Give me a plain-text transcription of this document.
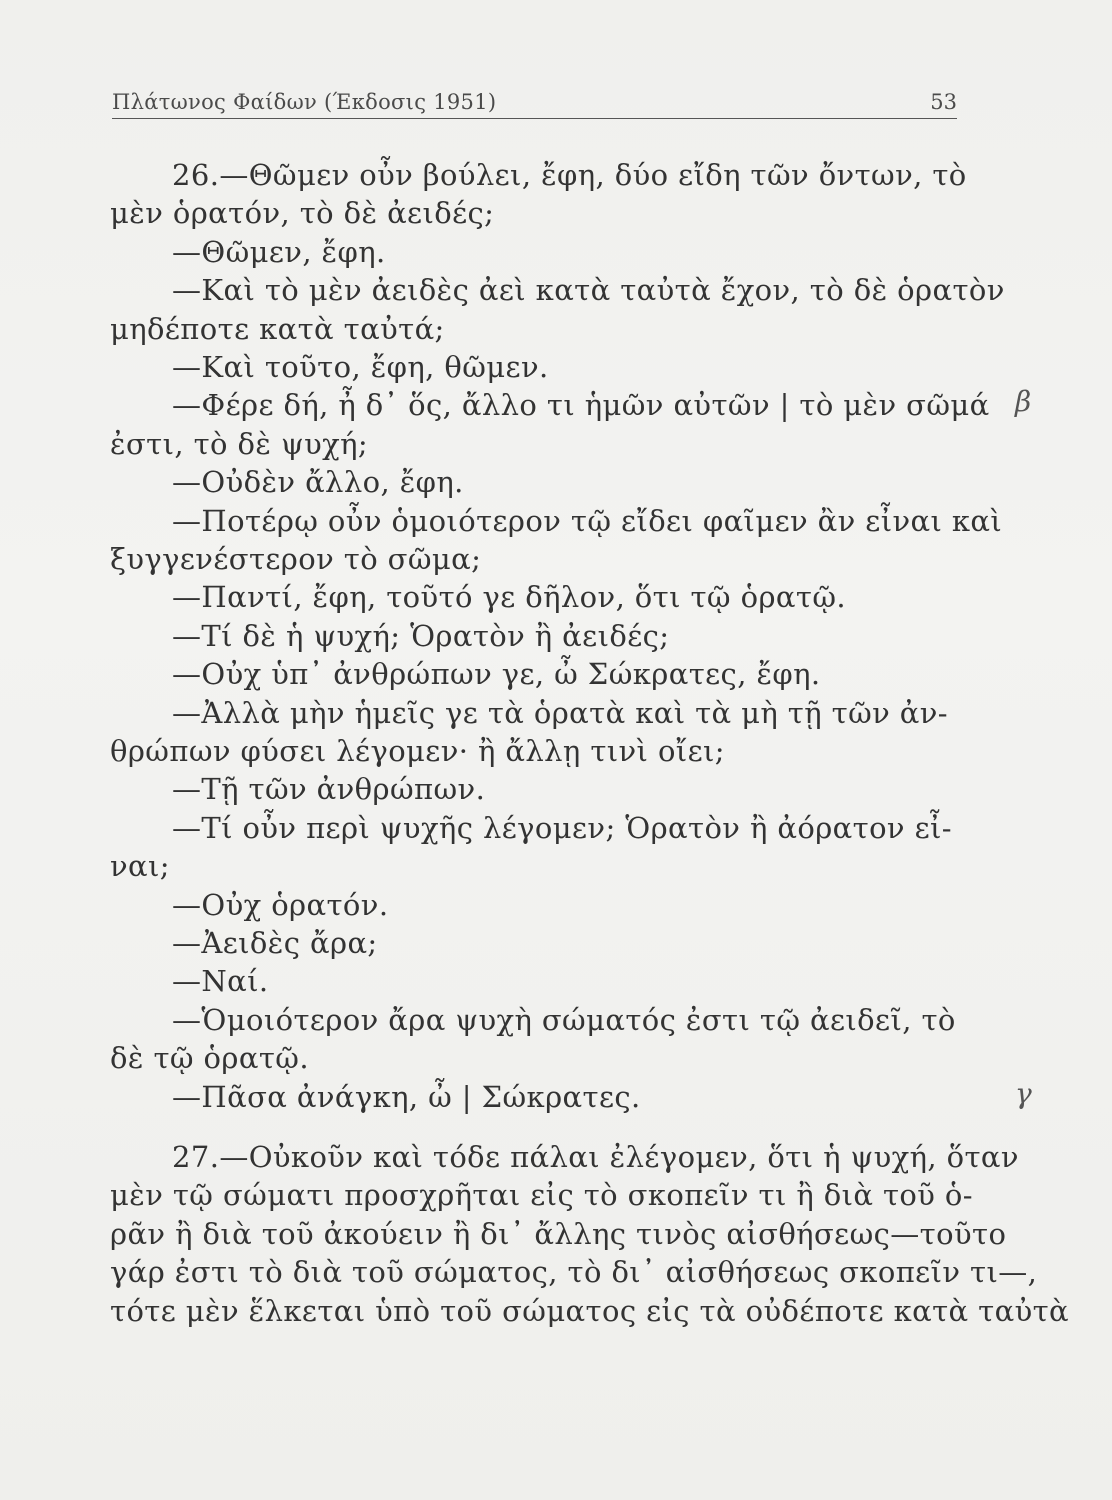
Πλάτωνος Φαίδων (Έκδοσις 1951)	53
26.—Θῶμεν οὖν βούλει, ἔφη, δύο εἴδη τῶν ὄντων, τὸ
μὲν ὁρατόν, τὸ δὲ ἀειδές;
—Θῶμεν, ἔφη.
—Καὶ τὸ μὲν ἀειδὲς ἀεὶ κατὰ ταὐτὰ ἔχον, τὸ δὲ ὁρατὸν
μηδέποτε κατὰ ταὐτά;
—Καὶ τοῦτο, ἔφη, θῶμεν.
—Φέρε δή, ἦ δ᾽ ὅς, ἄλλο τι ἡμῶν αὐτῶν | τὸ μὲν σῶμά
ἐστι, τὸ δὲ ψυχή;
—Οὐδὲν ἄλλο, ἔφη.
—Ποτέρῳ οὖν ὁμοιότερον τῷ εἴδει φαῖμεν ἂν εἶναι καὶ
ξυγγενέστερον τὸ σῶμα;
—Παντί, ἔφη, τοῦτό γε δῆλον, ὅτι τῷ ὁρατῷ.
—Τί δὲ ἡ ψυχή; Ὁρατὸν ἢ ἀειδές;
—Οὐχ ὑπ᾽ ἀνθρώπων γε, ὦ Σώκρατες, ἔφη.
—Ἀλλὰ μὴν ἡμεῖς γε τὰ ὁρατὰ καὶ τὰ μὴ τῇ τῶν ἀν-
θρώπων φύσει λέγομεν· ἢ ἄλλῃ τινὶ οἴει;
—Τῇ τῶν ἀνθρώπων.
—Τί οὖν περὶ ψυχῆς λέγομεν; Ὁρατὸν ἢ ἀόρατον εἶ-
ναι;
—Οὐχ ὁρατόν.
—Ἀειδὲς ἄρα;
—Ναί.
—Ὁμοιότερον ἄρα ψυχὴ σώματός ἐστι τῷ ἀειδεῖ, τὸ
δὲ τῷ ὁρατῷ.
—Πᾶσα ἀνάγκη, ὦ | Σώκρατες.
27.—Οὐκοῦν καὶ τόδε πάλαι ἐλέγομεν, ὅτι ἡ ψυχή, ὅταν
μὲν τῷ σώματι προσχρῆται εἰς τὸ σκοπεῖν τι ἢ διὰ τοῦ ὁ-
ρᾶν ἢ διὰ τοῦ ἀκούειν ἢ δι᾽ ἄλλης τινὸς αἰσθήσεως—τοῦτο
γάρ ἐστι τὸ διὰ τοῦ σώματος, τὸ δι᾽ αἰσθήσεως σκοπεῖν τι—,
τότε μὲν ἕλκεται ὑπὸ τοῦ σώματος εἰς τὰ οὐδέποτε κατὰ ταὐτὰ
β
γ
